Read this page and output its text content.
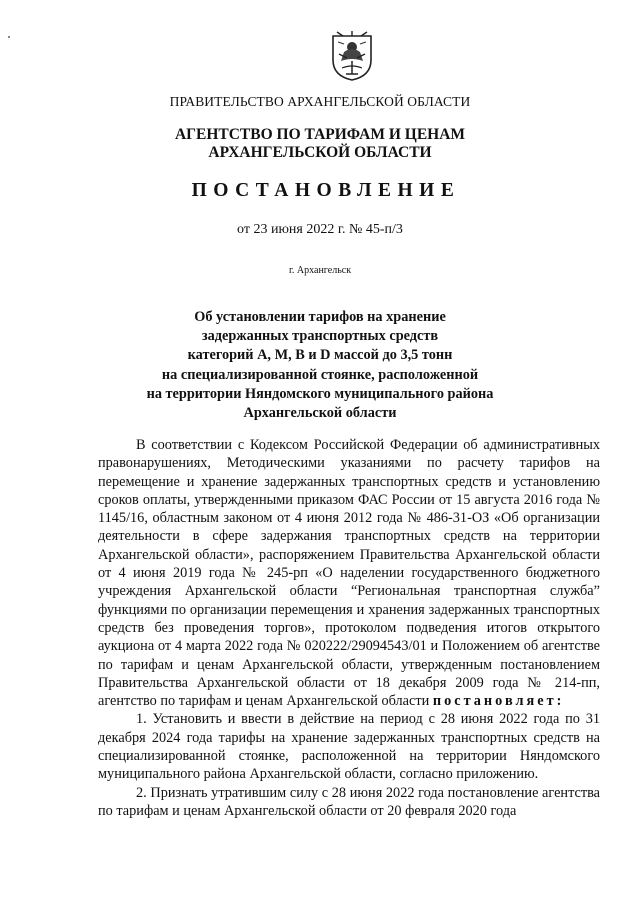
ПРАВИТЕЛЬСТВО АРХАНГЕЛЬСКОЙ ОБЛАСТИ
АГЕНТСТВО ПО ТАРИФАМ И ЦЕНАМ
АРХАНГЕЛЬСКОЙ ОБЛАСТИ
ПОСТАНОВЛЕНИЕ
от 23 июня 2022 г. № 45-п/3
г. Архангельск
Об установлении тарифов на хранение
задержанных транспортных средств
категорий A, M, B и D массой до 3,5 тонн
на специализированной стоянке, расположенной
на территории Няндомского муниципального района
Архангельской области

В соответствии с Кодексом Российской Федерации об административных правонарушениях, Методическими указаниями по расчету тарифов на перемещение и хранение задержанных транспортных средств и установлению сроков оплаты, утвержденными приказом ФАС России от 15 августа 2016 года № 1145/16, областным законом от 4 июня 2012 года № 486-31-ОЗ «Об организации деятельности в сфере задержания транспортных средств на территории Архангельской области», распоряжением Правительства Архангельской области от 4 июня 2019 года № 245-рп «О наделении государственного бюджетного учреждения Архангельской области “Региональная транспортная служба” функциями по организации перемещения и хранения задержанных транспортных средств без проведения торгов», протоколом подведения итогов открытого аукциона от 4 марта 2022 года № 020222/29094543/01 и Положением об агентстве по тарифам и ценам Архангельской области, утвержденным постановлением Правительства Архангельской области от 18 декабря 2009 года № 214-пп, агентство по тарифам и ценам Архангельской области постановляет:

1. Установить и ввести в действие на период с 28 июня 2022 года по 31 декабря 2024 года тарифы на хранение задержанных транспортных средств на специализированной стоянке, расположенной на территории Няндомского муниципального района Архангельской области, согласно приложению.

2. Признать утратившим силу с 28 июня 2022 года постановление агентства по тарифам и ценам Архангельской области от 20 февраля 2020 года
